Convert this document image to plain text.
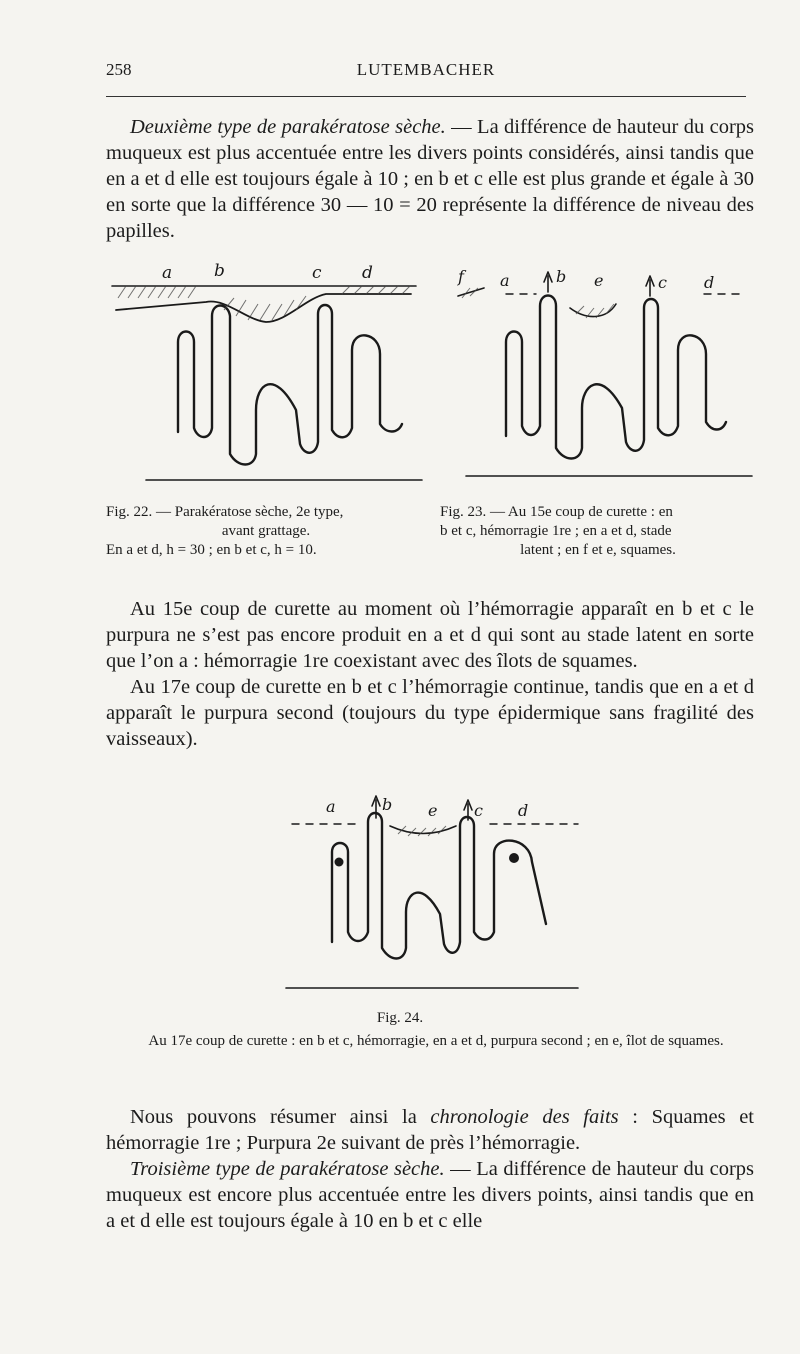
258	LUTEMBACHER
Deuxième type de parakératose sèche. — La différence de hauteur du corps muqueux est plus accentuée entre les divers points considérés, ainsi tandis que en a et d elle est toujours égale à 10 ; en b et c elle est plus grande et égale à 30 en sorte que la différence 30 — 10 = 20 représente la différence de niveau des papilles.
a b	c d	f a	b e	c d
Fig. 22. — Parakératose sèche, 2e type,
avant grattage.
En a et d, h = 30 ; en b et c, h = 10.
Fig. 23. — Au 15e coup de curette : en
b et c, hémorragie 1re ; en a et d, stade
latent ; en f et e, squames.

Au 15e coup de curette au moment où l’hémorragie apparaît en b et c le purpura ne s’est pas encore produit en a et d qui sont au stade latent en sorte que l’on a : hémorragie 1re coexistant avec des îlots de squames.

Au 17e coup de curette en b et c l’hémorragie continue, tandis que en a et d apparaît le purpura second (toujours du type épidermique sans fragilité des vaisseaux).

a	b e c d
Fig. 24.
Au 17e coup de curette : en b et c, hémorragie, en a et d, purpura second ; en e, îlot de squames.

Nous pouvons résumer ainsi la chronologie des faits : Squames et hémorragie 1re ; Purpura 2e suivant de près l’hémorragie.

Troisième type de parakératose sèche. — La différence de hauteur du corps muqueux est encore plus accentuée entre les divers points, ainsi tandis que en a et d elle est toujours égale à 10 en b et c elle
